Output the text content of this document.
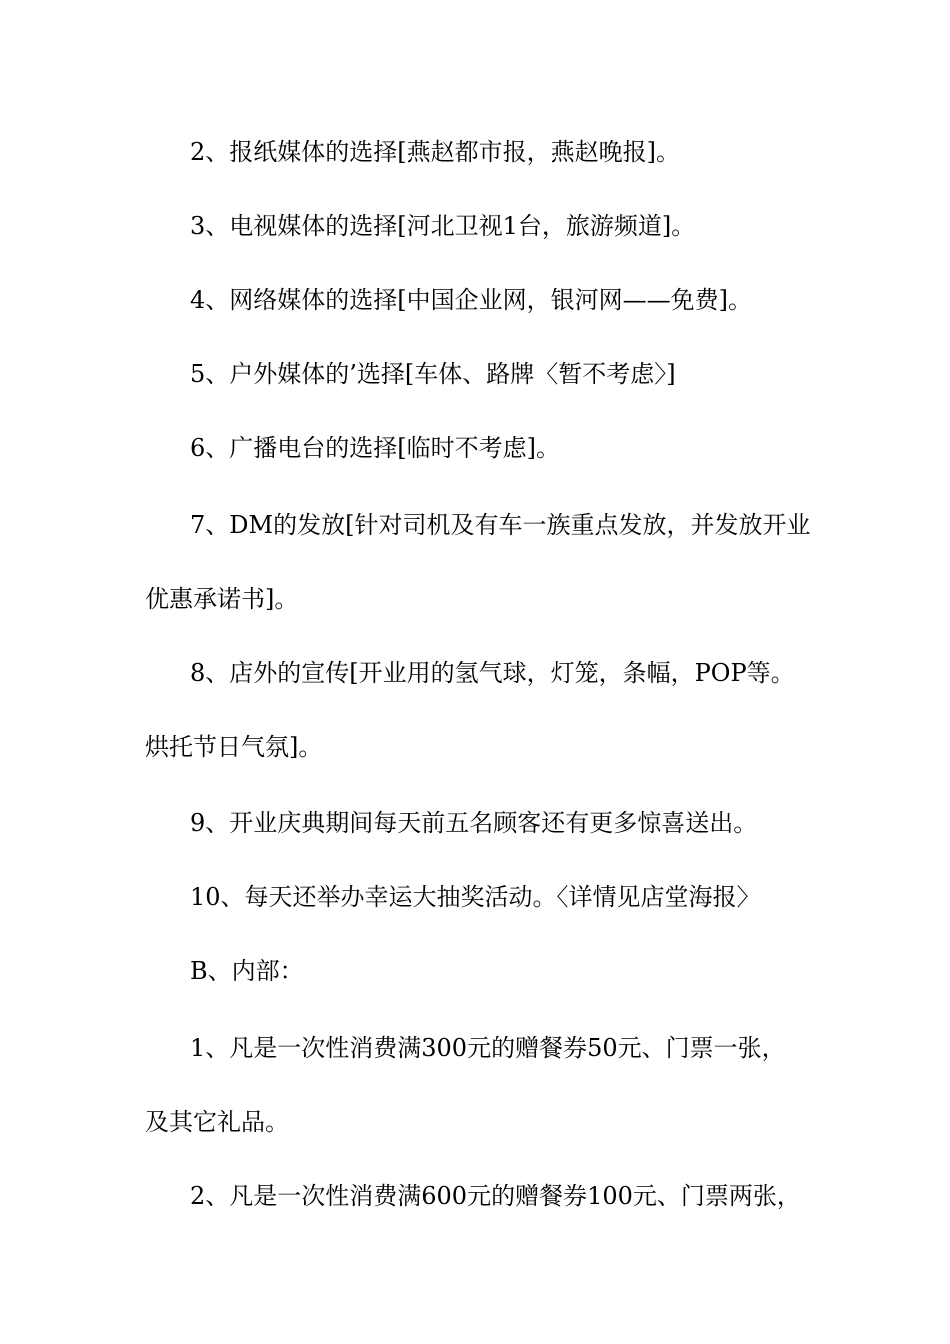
2、报纸媒体的选择[燕赵都市报，燕赵晚报]。
3、电视媒体的选择[河北卫视1台，旅游频道]。
4、网络媒体的选择[中国企业网，银河网——免费]。
5、户外媒体的’选择[车体、路牌〈暂不考虑〉]
6、广播电台的选择[临时不考虑]。
7、DM的发放[针对司机及有车一族重点发放，并发放开业
优惠承诺书]。
8、店外的宣传[开业用的氢气球，灯笼，条幅，POP等。
烘托节日气氛]。
9、开业庆典期间每天前五名顾客还有更多惊喜送出。
10、每天还举办幸运大抽奖活动。〈详情见店堂海报〉
B、内部：
1、凡是一次性消费满300元的赠餐券50元、门票一张，
及其它礼品。
2、凡是一次性消费满600元的赠餐券100元、门票两张，
